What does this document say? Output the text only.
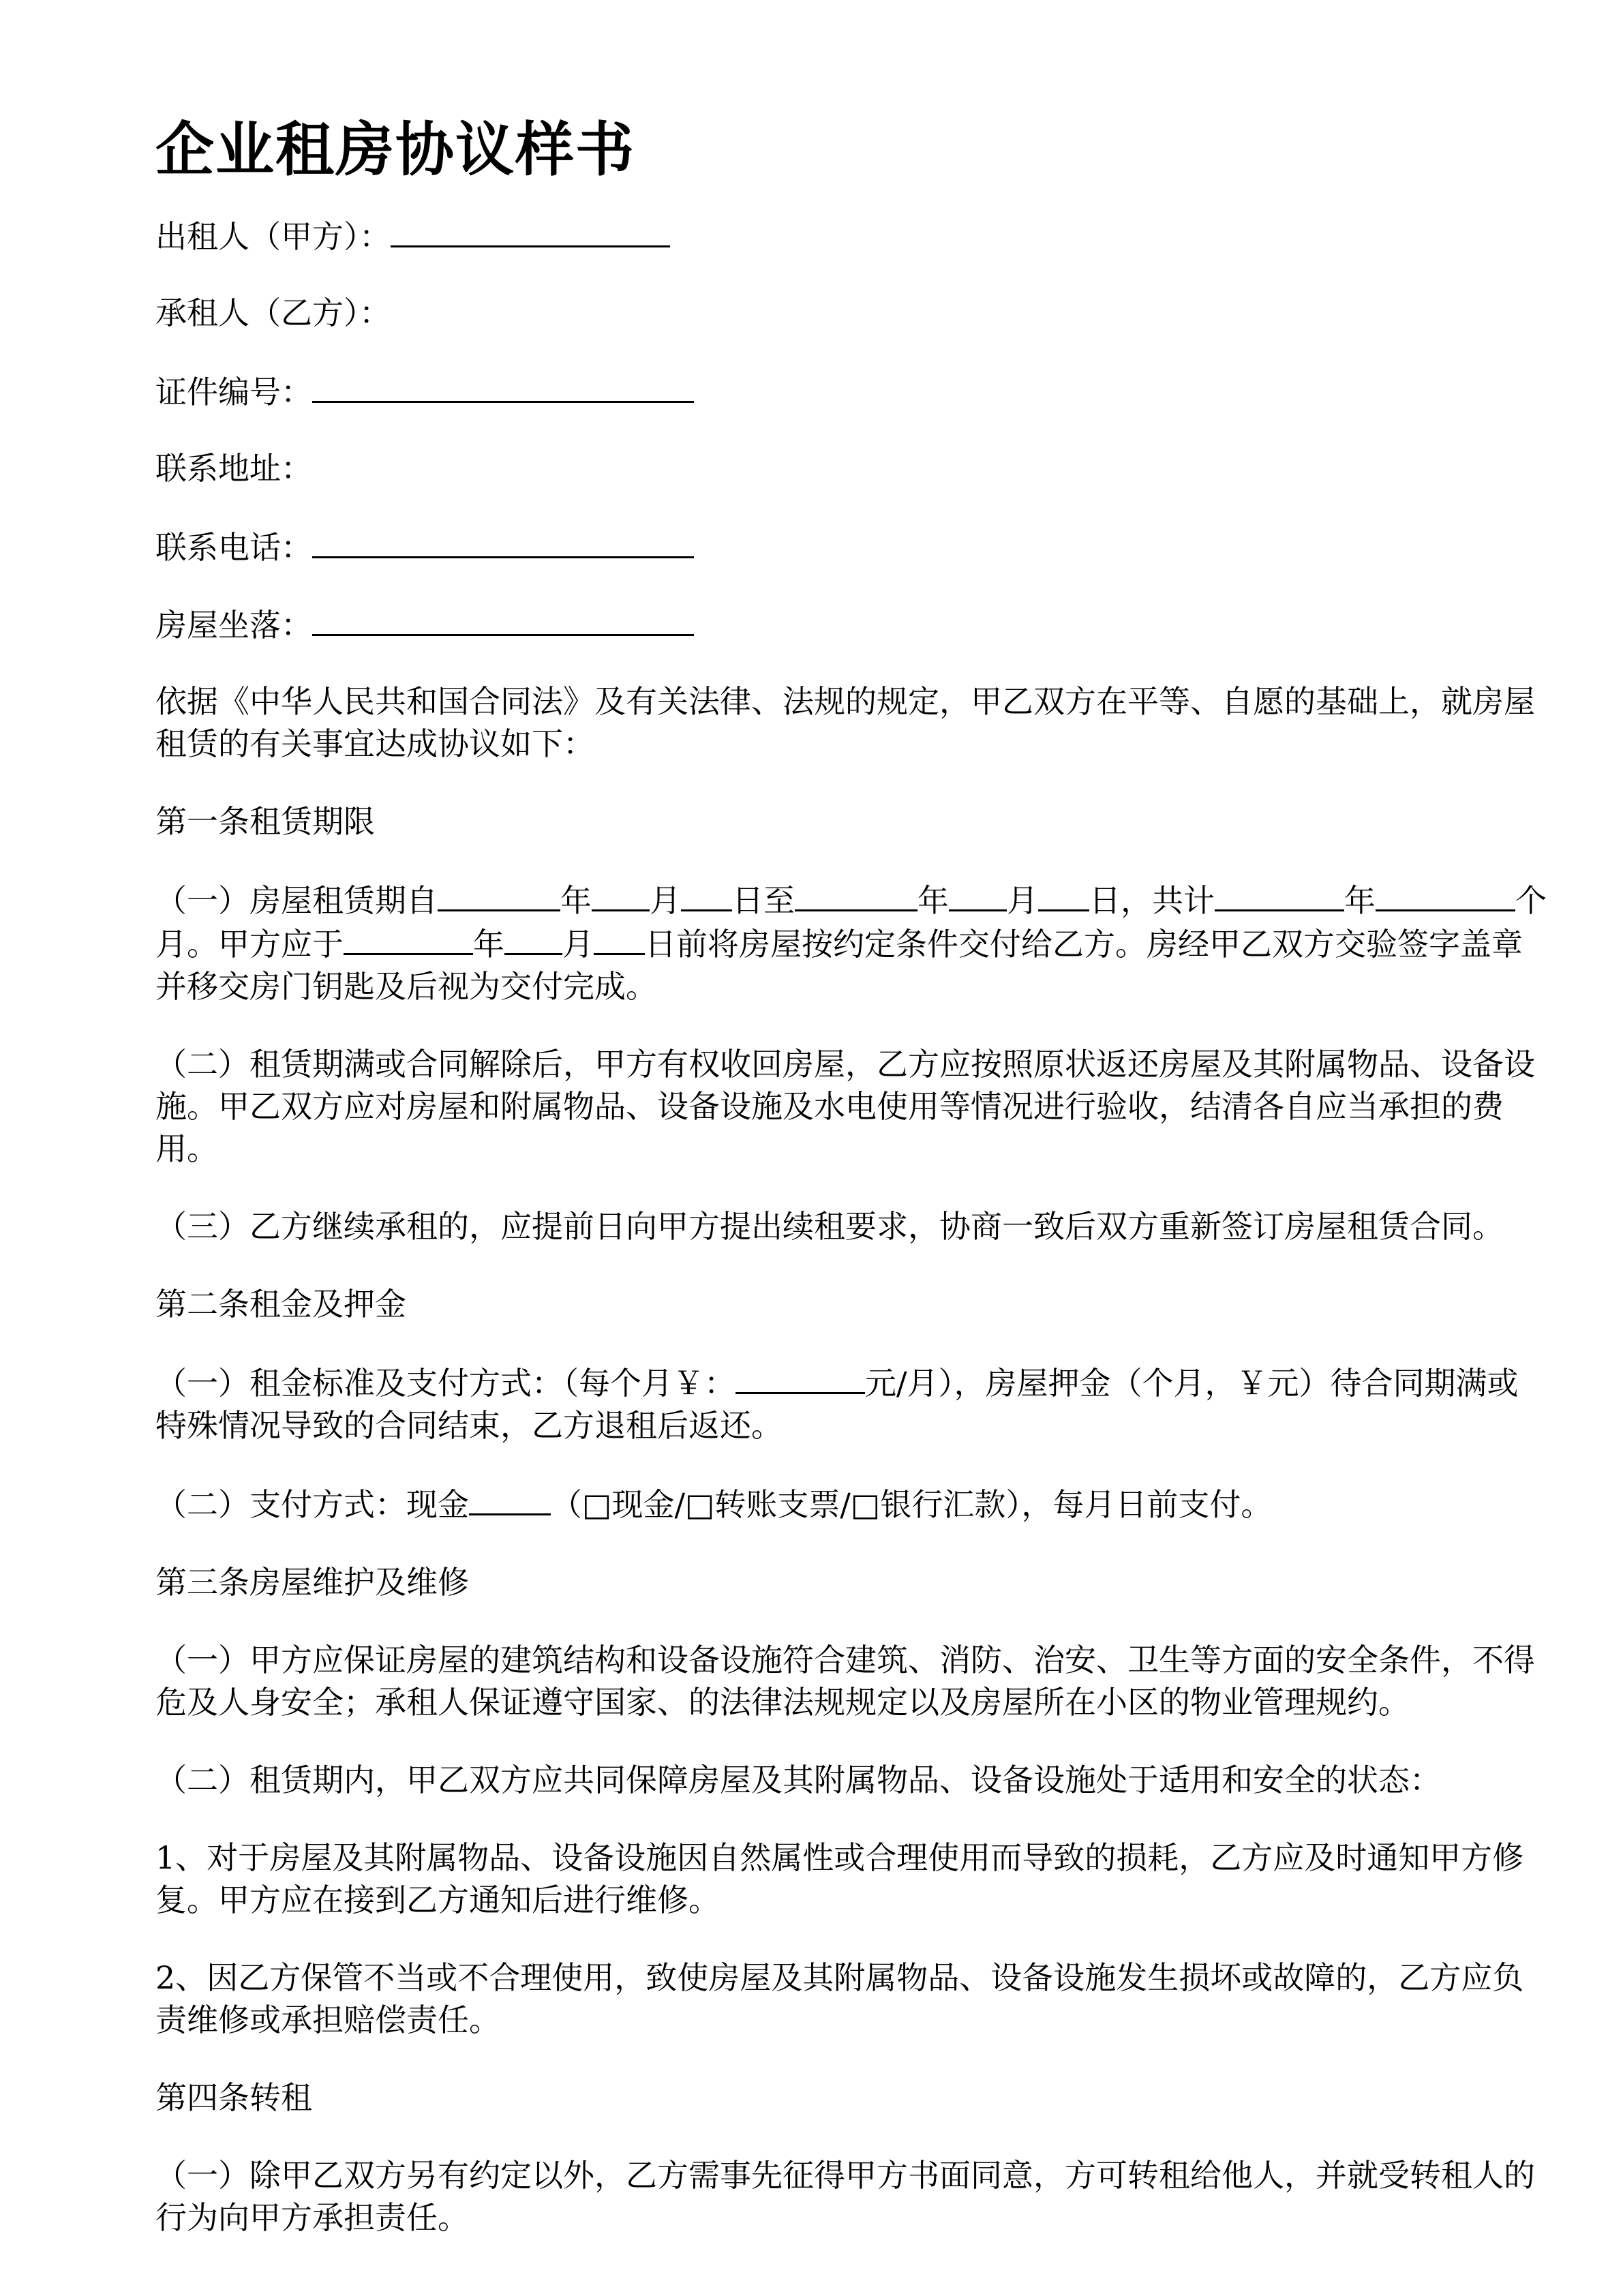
企业租房协议样书
出租人（甲方）：
承租人（乙方）：
证件编号：
联系地址：
联系电话：
房屋坐落：
依据《中华人民共和国合同法》及有关法律、法规的规定，甲乙双方在平等、自愿的基础上，就房屋租赁的有关事宜达成协议如下：
第一条租赁期限
（一）房屋租赁期自	年 月 日至	年 月 日，共计	年	个月。甲方应于	年 月 日前将房屋按约定条件交付给乙方。房经甲乙双方交验签字盖章并移交房门钥匙及后视为交付完成。
（二）租赁期满或合同解除后，甲方有权收回房屋，乙方应按照原状返还房屋及其附属物品、设备设施。甲乙双方应对房屋和附属物品、设备设施及水电使用等情况进行验收，结清各自应当承担的费用。
（三）乙方继续承租的，应提前日向甲方提出续租要求，协商一致后双方重新签订房屋租赁合同。
第二条租金及押金
（一）租金标准及支付方式：（每个月￥：	元/月），房屋押金（个月，￥元）待合同期满或特殊情况导致的合同结束，乙方退租后返还。
（二）支付方式：现金	（□现金/□转账支票/□银行汇款），每月日前支付。
第三条房屋维护及维修
（一）甲方应保证房屋的建筑结构和设备设施符合建筑、消防、治安、卫生等方面的安全条件，不得危及人身安全；承租人保证遵守国家、的法律法规规定以及房屋所在小区的物业管理规约。
（二）租赁期内，甲乙双方应共同保障房屋及其附属物品、设备设施处于适用和安全的状态：
1、对于房屋及其附属物品、设备设施因自然属性或合理使用而导致的损耗，乙方应及时通知甲方修复。甲方应在接到乙方通知后进行维修。
2、因乙方保管不当或不合理使用，致使房屋及其附属物品、设备设施发生损坏或故障的，乙方应负责维修或承担赔偿责任。
第四条转租
（一）除甲乙双方另有约定以外，乙方需事先征得甲方书面同意，方可转租给他人，并就受转租人的行为向甲方承担责任。
